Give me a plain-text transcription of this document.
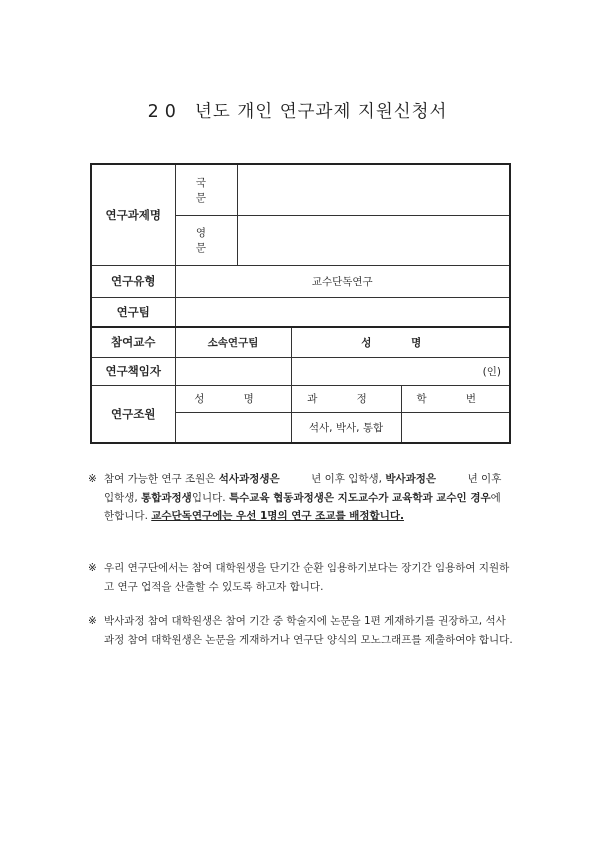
20 년도 개인 연구과제 지원신청서
연구과제명	국 문			
	영 문			
연구유형	교수단독연구			
연구팀				
참여교수	소속연구팀		성 명	
연구책임자			(인)	
연구조원	성 명		과 정	학 번
			석사, 박사, 통합	
※ 참여 가능한 연구 조원은 석사과정생은　　　년 이후 입학생, 박사과정은　　　년 이후 입학생, 통합과정생입니다. 특수교육 협동과정생은 지도교수가 교육학과 교수인 경우에 한합니다. 교수단독연구에는 우선 1명의 연구 조교를 배정합니다.
※ 우리 연구단에서는 참여 대학원생을 단기간 순환 임용하기보다는 장기간 임용하여 지원하고 연구 업적을 산출할 수 있도록 하고자 합니다.
※ 박사과정 참여 대학원생은 참여 기간 중 학술지에 논문을 1편 게재하기를 권장하고, 석사과정 참여 대학원생은 논문을 게재하거나 연구단 양식의 모노그래프를 제출하여야 합니다.
